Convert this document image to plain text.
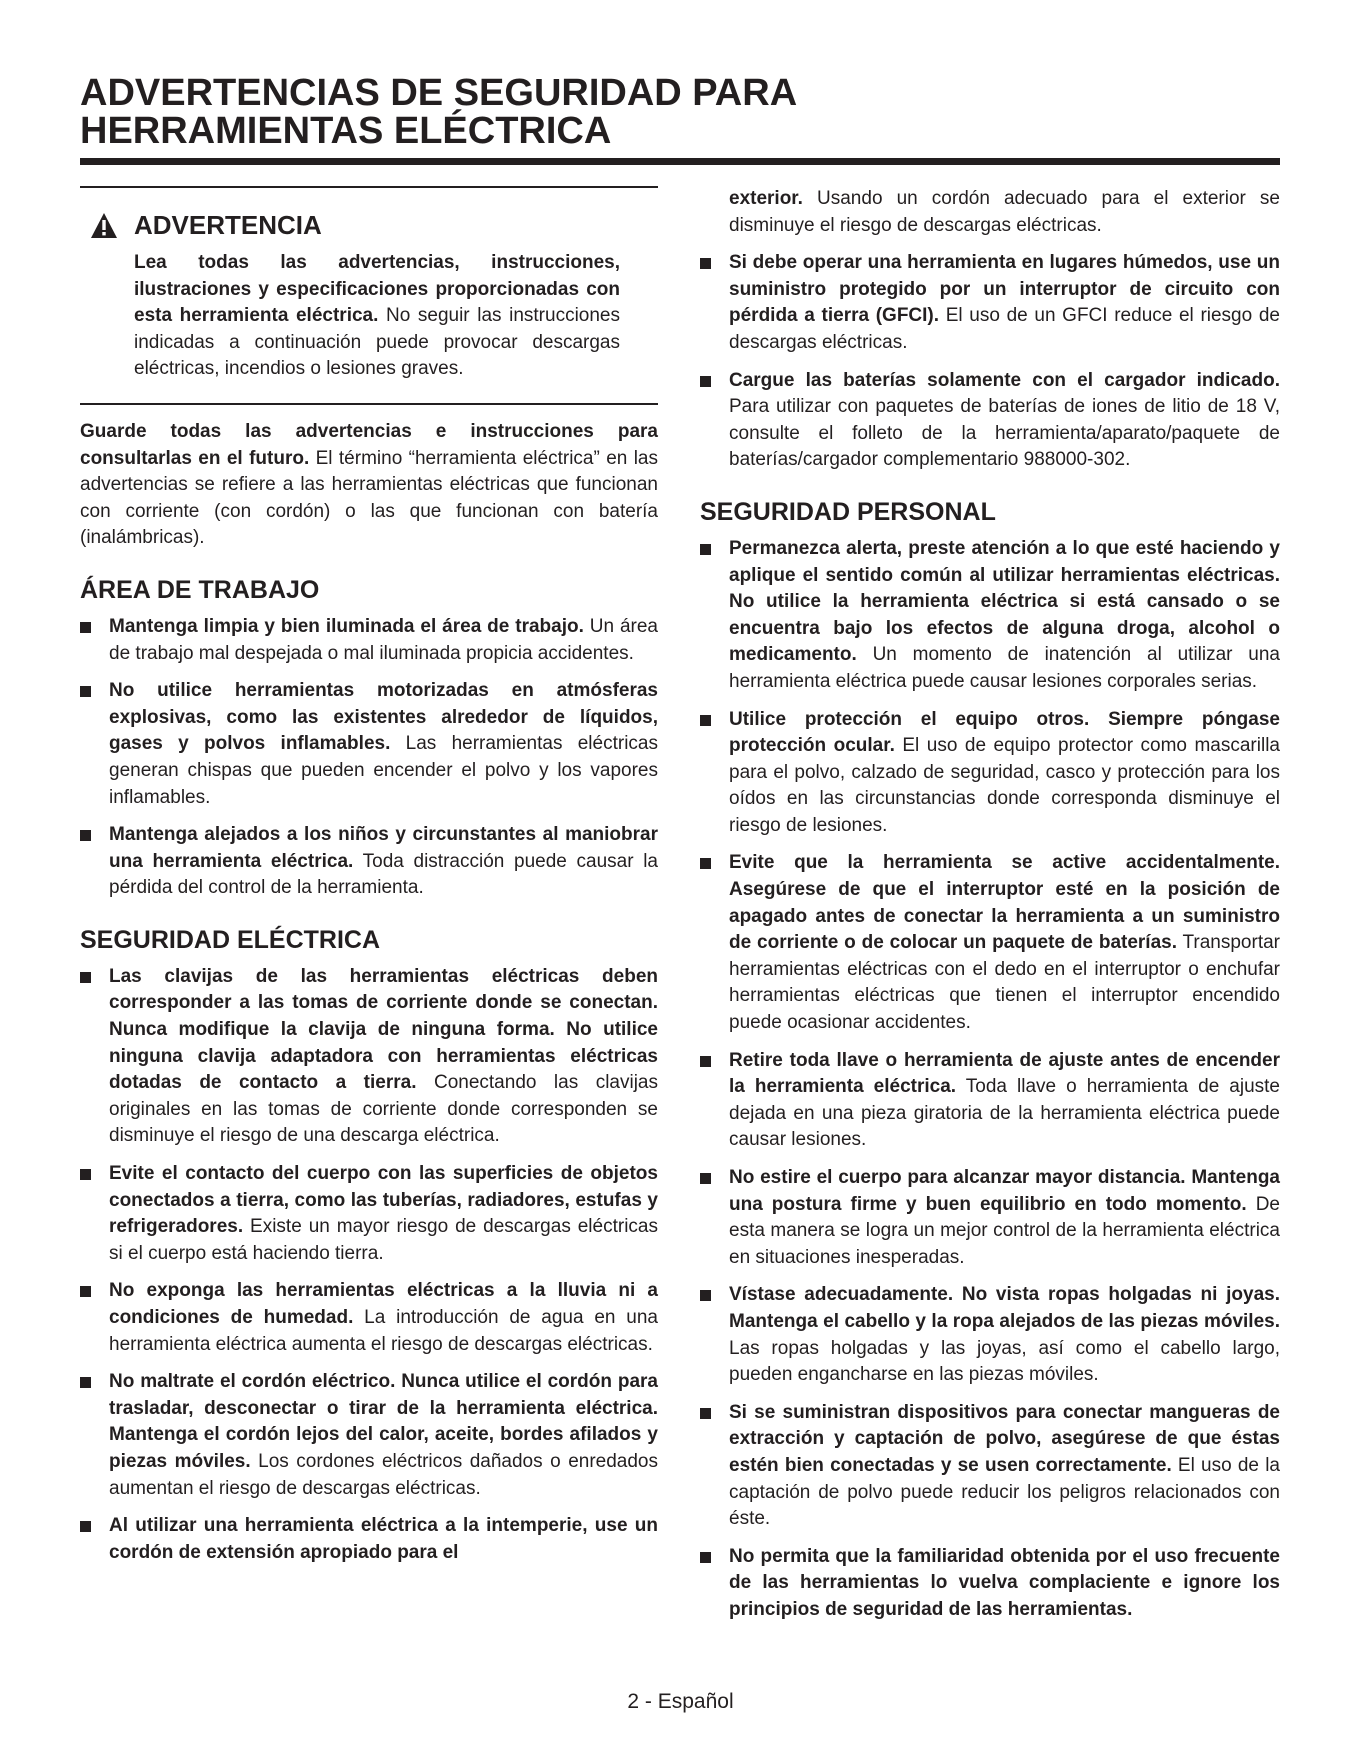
ADVERTENCIAS DE SEGURIDAD PARA
HERRAMIENTAS ELÉCTRICA
ADVERTENCIA
Lea todas las advertencias, instrucciones, ilustraciones y especificaciones proporcionadas con esta herramienta eléctrica. No seguir las instrucciones indicadas a continuación puede provocar descargas eléctricas, incendios o lesiones graves.
Guarde todas las advertencias e instrucciones para consultarlas en el futuro. El término “herramienta eléctrica” en las advertencias se refiere a las herramientas eléctricas que funcionan con corriente (con cordón) o las que funcionan con batería (inalámbricas).
ÁREA DE TRABAJO
Mantenga limpia y bien iluminada el área de trabajo. Un área de trabajo mal despejada o mal iluminada propicia accidentes.
No utilice herramientas motorizadas en atmósferas explosivas, como las existentes alrededor de líquidos, gases y polvos inflamables. Las herramientas eléctricas generan chispas que pueden encender el polvo y los vapores inflamables.
Mantenga alejados a los niños y circunstantes al maniobrar una herramienta eléctrica. Toda distracción puede causar la pérdida del control de la herramienta.
SEGURIDAD ELÉCTRICA
Las clavijas de las herramientas eléctricas deben corresponder a las tomas de corriente donde se conectan. Nunca modifique la clavija de ninguna forma. No utilice ninguna clavija adaptadora con herramientas eléctricas dotadas de contacto a tierra. Conectando las clavijas originales en las tomas de corriente donde corresponden se disminuye el riesgo de una descarga eléctrica.
Evite el contacto del cuerpo con las superficies de objetos conectados a tierra, como las tuberías, radiadores, estufas y refrigeradores. Existe un mayor riesgo de descargas eléctricas si el cuerpo está haciendo tierra.
No exponga las herramientas eléctricas a la lluvia ni a condiciones de humedad. La introducción de agua en una herramienta eléctrica aumenta el riesgo de descargas eléctricas.
No maltrate el cordón eléctrico. Nunca utilice el cordón para trasladar, desconectar o tirar de la herramienta eléctrica. Mantenga el cordón lejos del calor, aceite, bordes afilados y piezas móviles. Los cordones eléctricos dañados o enredados aumentan el riesgo de descargas eléctricas.
Al utilizar una herramienta eléctrica a la intemperie, use un cordón de extensión apropiado para el
exterior. Usando un cordón adecuado para el exterior se disminuye el riesgo de descargas eléctricas.
Si debe operar una herramienta en lugares húmedos, use un suministro protegido por un interruptor de circuito con pérdida a tierra (GFCI). El uso de un GFCI reduce el riesgo de descargas eléctricas.
Cargue las baterías solamente con el cargador indicado. Para utilizar con paquetes de baterías de iones de litio de 18 V, consulte el folleto de la herramienta/aparato/paquete de baterías/cargador complementario 988000-302.
SEGURIDAD PERSONAL
Permanezca alerta, preste atención a lo que esté haciendo y aplique el sentido común al utilizar herramientas eléctricas. No utilice la herramienta eléctrica si está cansado o se encuentra bajo los efectos de alguna droga, alcohol o medicamento. Un momento de inatención al utilizar una herramienta eléctrica puede causar lesiones corporales serias.
Utilice protección el equipo otros. Siempre póngase protección ocular. El uso de equipo protector como mascarilla para el polvo, calzado de seguridad, casco y protección para los oídos en las circunstancias donde corresponda disminuye el riesgo de lesiones.
Evite que la herramienta se active accidentalmente. Asegúrese de que el interruptor esté en la posición de apagado antes de conectar la herramienta a un suministro de corriente o de colocar un paquete de baterías. Transportar herramientas eléctricas con el dedo en el interruptor o enchufar herramientas eléctricas que tienen el interruptor encendido puede ocasionar accidentes.
Retire toda llave o herramienta de ajuste antes de encender la herramienta eléctrica. Toda llave o herramienta de ajuste dejada en una pieza giratoria de la herramienta eléctrica puede causar lesiones.
No estire el cuerpo para alcanzar mayor distancia. Mantenga una postura firme y buen equilibrio en todo momento. De esta manera se logra un mejor control de la herramienta eléctrica en situaciones inesperadas.
Vístase adecuadamente. No vista ropas holgadas ni joyas. Mantenga el cabello y la ropa alejados de las piezas móviles. Las ropas holgadas y las joyas, así como el cabello largo, pueden engancharse en las piezas móviles.
Si se suministran dispositivos para conectar mangueras de extracción y captación de polvo, asegúrese de que éstas estén bien conectadas y se usen correctamente. El uso de la captación de polvo puede reducir los peligros relacionados con éste.
No permita que la familiaridad obtenida por el uso frecuente de las herramientas lo vuelva complaciente e ignore los principios de seguridad de las herramientas.
2 - Español
